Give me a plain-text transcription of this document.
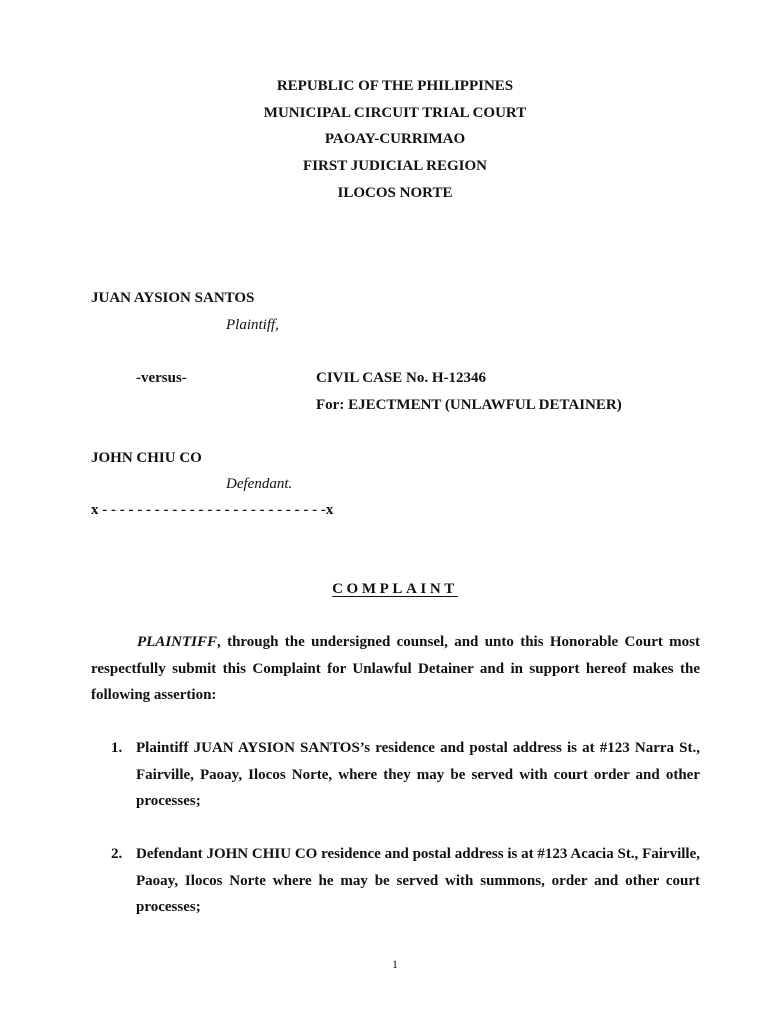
REPUBLIC OF THE PHILIPPINES
MUNICIPAL CIRCUIT TRIAL COURT
PAOAY-CURRIMAO
FIRST JUDICIAL REGION
ILOCOS NORTE
JUAN AYSION SANTOS
Plaintiff,
-versus-	CIVIL CASE No. H-12346
For: EJECTMENT (UNLAWFUL DETAINER)
JOHN CHIU CO
Defendant.
x - - - - - - - - - - - - - - - - - - - - - - - - - -x
COMPLAINT

PLAINTIFF, through the undersigned counsel, and unto this Honorable Court most respectfully submit this Complaint for Unlawful Detainer and in support hereof makes the following assertion:

1. Plaintiff JUAN AYSION SANTOS’s residence and postal address is at #123 Narra St., Fairville, Paoay, Ilocos Norte, where they may be served with court order and other processes;

2. Defendant JOHN CHIU CO residence and postal address is at #123 Acacia St., Fairville, Paoay, Ilocos Norte where he may be served with summons, order and other court processes;

1
